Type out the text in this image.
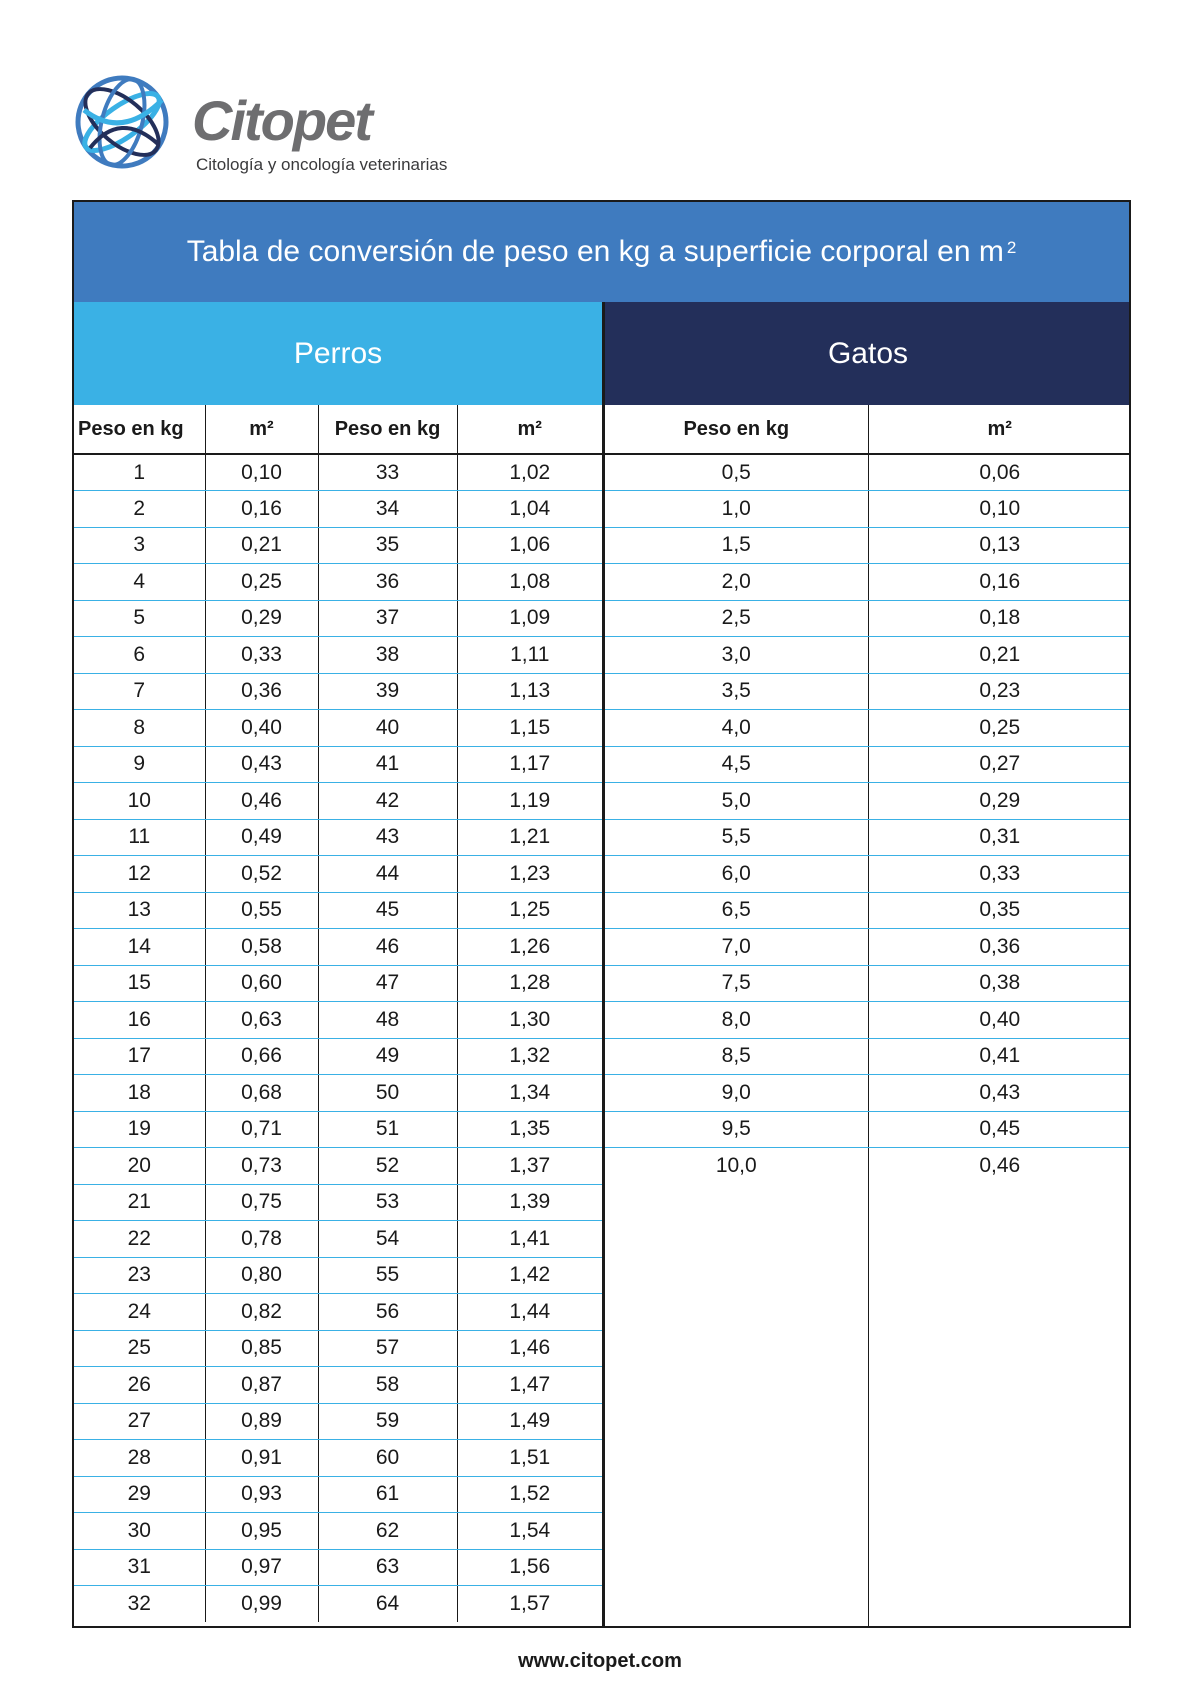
Citopet
Citología y oncología veterinarias
Tabla de conversión de peso en kg a superficie corporal en $m^2$
Perros	Gatos
Peso en kg	m²	Peso en kg	m²
1	0,10	33	1,02
2	0,16	34	1,04
3	0,21	35	1,06
4	0,25	36	1,08
5	0,29	37	1,09
6	0,33	38	1,11
7	0,36	39	1,13
8	0,40	40	1,15
9	0,43	41	1,17
10	0,46	42	1,19
11	0,49	43	1,21
12	0,52	44	1,23
13	0,55	45	1,25
14	0,58	46	1,26
15	0,60	47	1,28
16	0,63	48	1,30
17	0,66	49	1,32
18	0,68	50	1,34
19	0,71	51	1,35
20	0,73	52	1,37
21	0,75	53	1,39
22	0,78	54	1,41
23	0,80	55	1,42
24	0,82	56	1,44
25	0,85	57	1,46
26	0,87	58	1,47
27	0,89	59	1,49
28	0,91	60	1,51
29	0,93	61	1,52
30	0,95	62	1,54
31	0,97	63	1,56
32	0,99	64	1,57
Peso en kg	m²
0,5	0,06
1,0	0,10
1,5	0,13
2,0	0,16
2,5	0,18
3,0	0,21
3,5	0,23
4,0	0,25
4,5	0,27
5,0	0,29
5,5	0,31
6,0	0,33
6,5	0,35
7,0	0,36
7,5	0,38
8,0	0,40
8,5	0,41
9,0	0,43
9,5	0,45
10,0	0,46
www.citopet.com
